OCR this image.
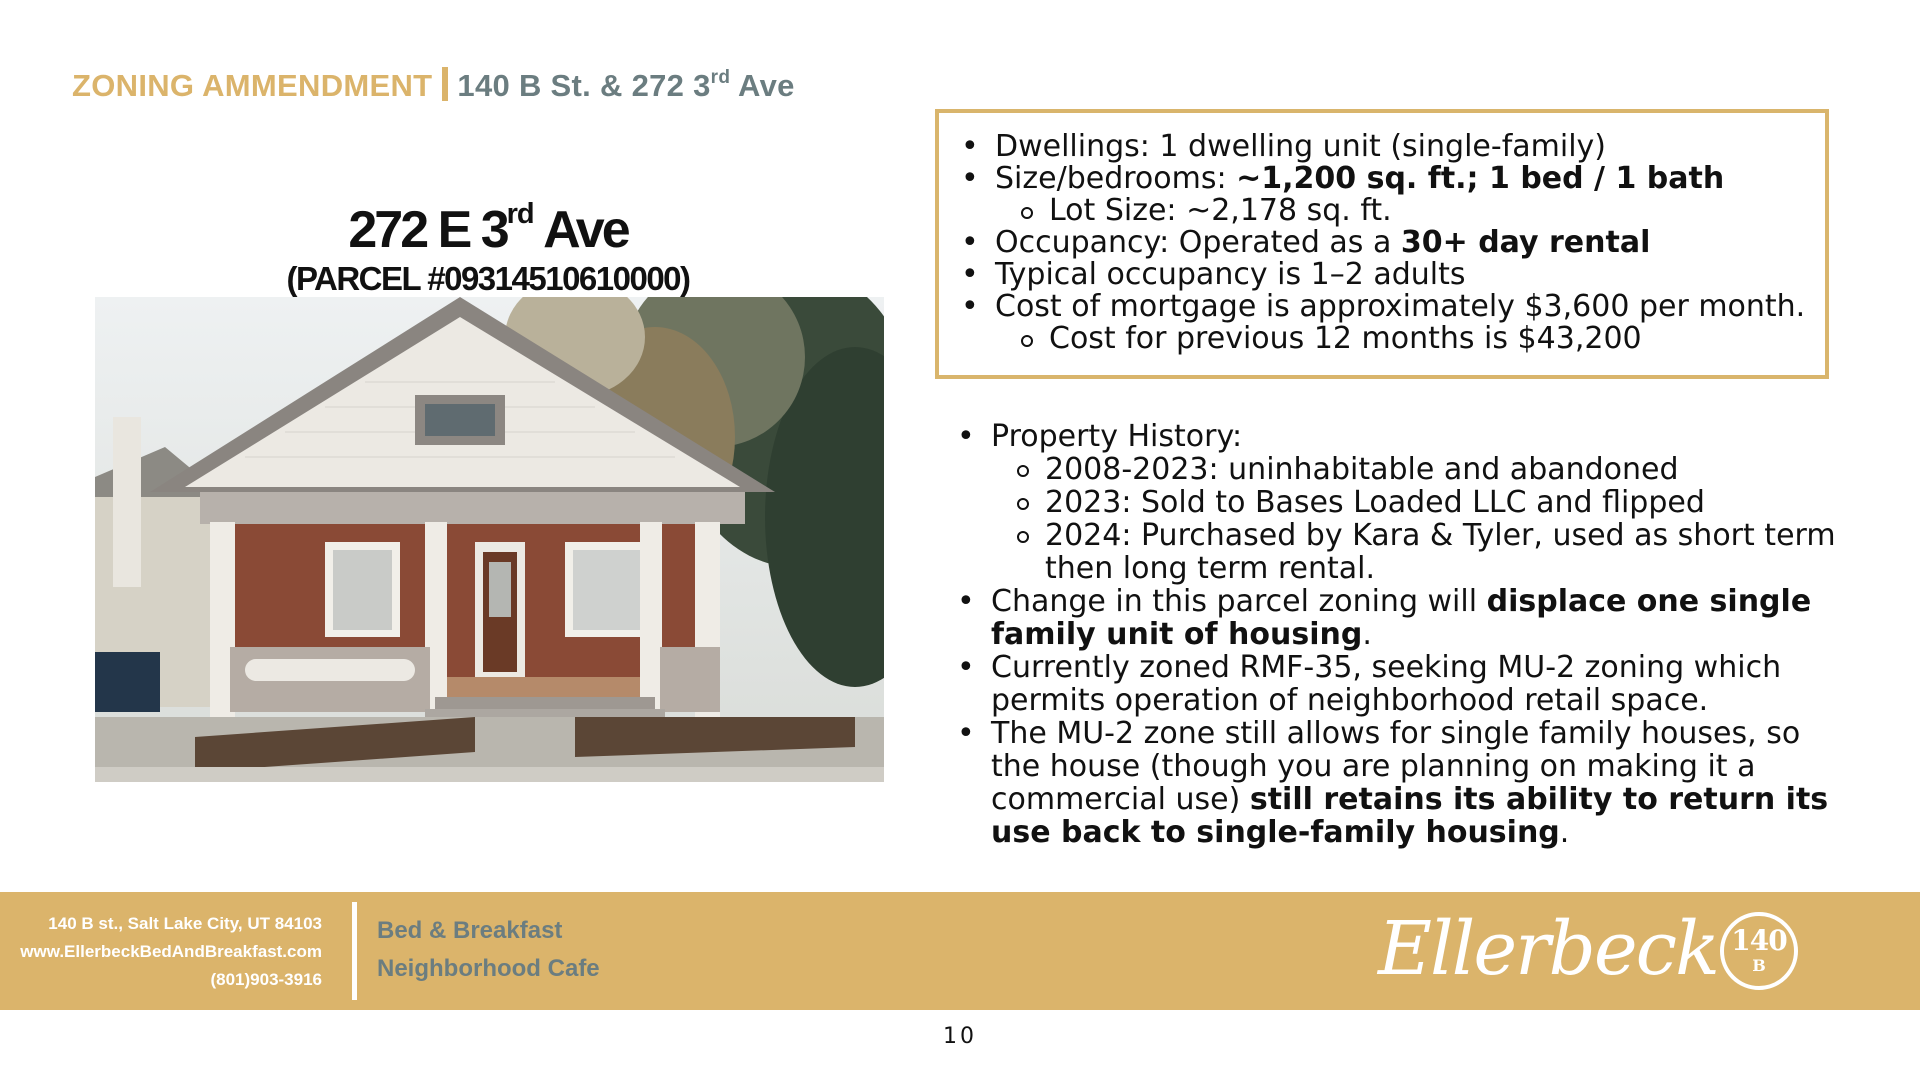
ZONING AMMENDMENT 140 B St. & 272 3rd Ave
272 E 3rd Ave
(PARCEL #09314510610000)
• Dwellings: 1 dwelling unit (single-family)
• Size/bedrooms: ~1,200 sq. ft.; 1 bed / 1 bath
Lot Size: ~2,178 sq. ft.
• Occupancy: Operated as a 30+ day rental
• Typical occupancy is 1–2 adults
• Cost of mortgage is approximately $3,600 per month.
Cost for previous 12 months is $43,200
• Property History:
2008-2023: uninhabitable and abandoned
2023: Sold to Bases Loaded LLC and flipped
2024: Purchased by Kara & Tyler, used as short term then long term rental.
• Change in this parcel zoning will displace one single family unit of housing.
• Currently zoned RMF-35, seeking MU-2 zoning which permits operation of neighborhood retail space.
• The MU-2 zone still allows for single family houses, so the house (though you are planning on making it a commercial use) still retains its ability to return its use back to single-family housing.
140 B st., Salt Lake City, UT 84103
www.EllerbeckBedAndBreakfast.com
(801)903-3916
Bed & Breakfast
Neighborhood Cafe	Ellerbeck 140
B
10
